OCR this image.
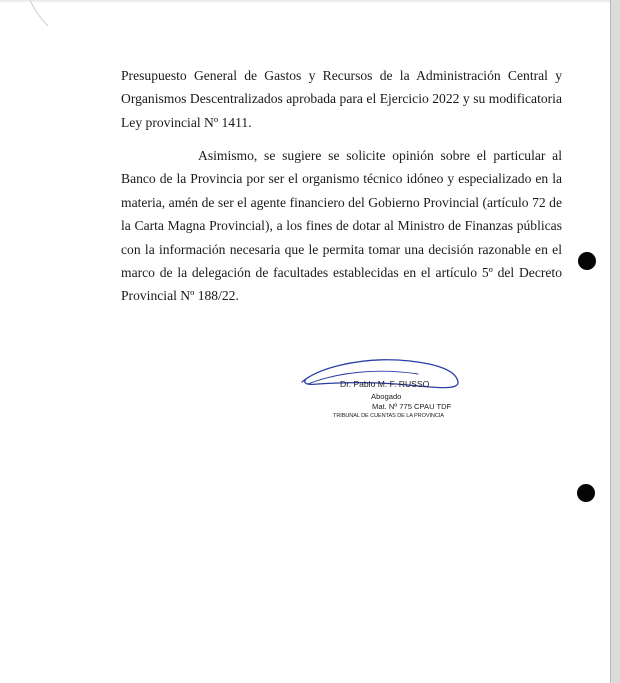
Presupuesto General de Gastos y Recursos de la Administración Central y Organismos Descentralizados aprobada para el Ejercicio 2022 y su modificatoria Ley provincial Nº 1411.

Asimismo, se sugiere se solicite opinión sobre el particular al Banco de la Provincia por ser el organismo técnico idóneo y especializado en la materia, amén de ser el agente financiero del Gobierno Provincial (artículo 72 de la Carta Magna Provincial), a los fines de dotar al Ministro de Finanzas públicas con la información necesaria que le permita tomar una decisión razonable en el marco de la delegación de facultades establecidas en el artículo 5º del Decreto Provincial Nº 188/22.

Dr. Pablo M. F. RUSSO
Abogado
Mat. Nº 775 CPAU TDF
TRIBUNAL DE CUENTAS DE LA PROVINCIA
